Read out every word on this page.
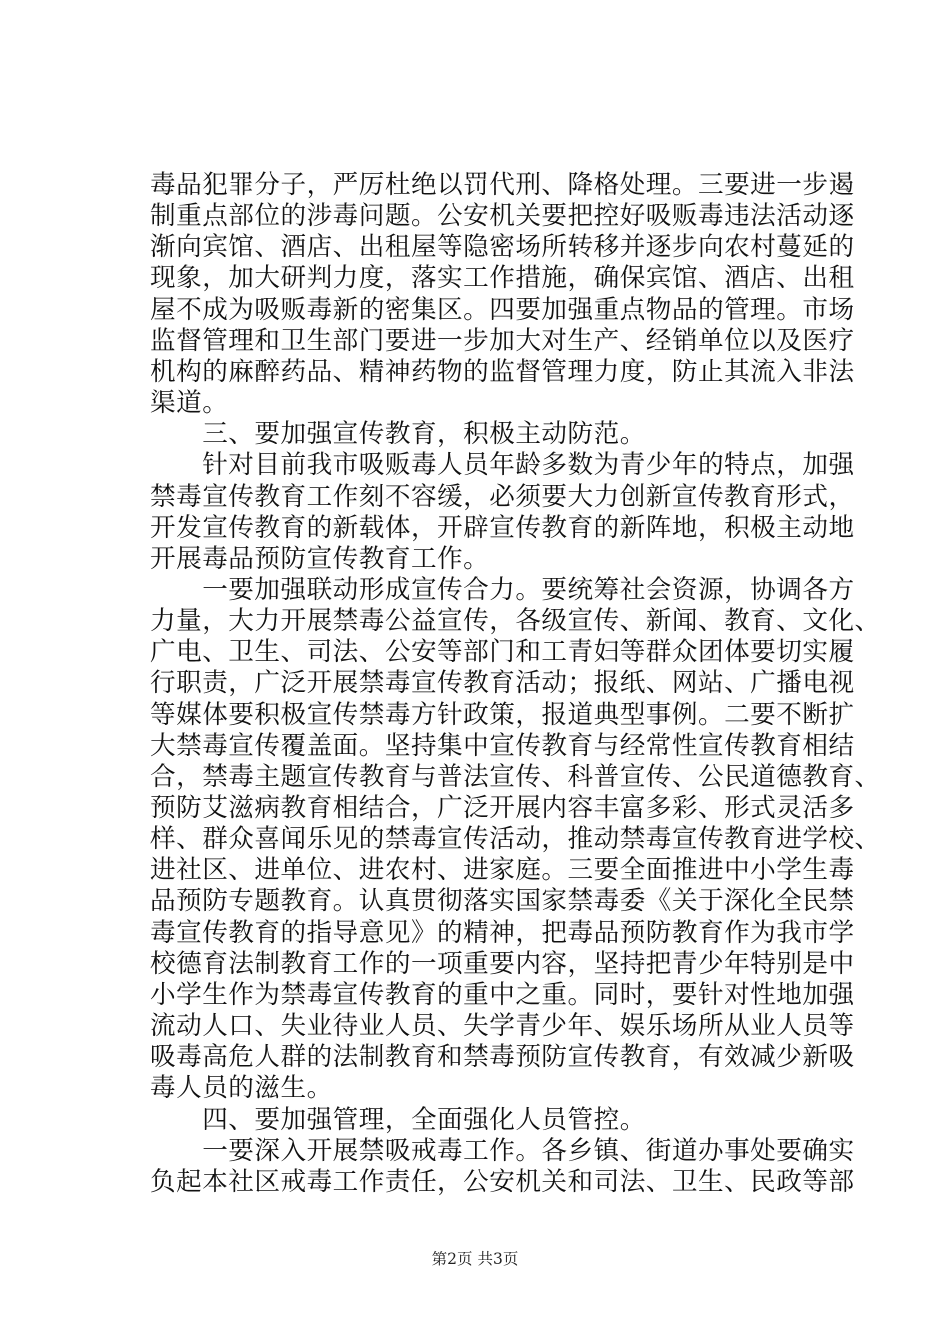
毒品犯罪分子，严厉杜绝以罚代刑、降格处理。三要进一步遏
制重点部位的涉毒问题。公安机关要把控好吸贩毒违法活动逐
渐向宾馆、酒店、出租屋等隐密场所转移并逐步向农村蔓延的
现象，加大研判力度，落实工作措施，确保宾馆、酒店、出租
屋不成为吸贩毒新的密集区。四要加强重点物品的管理。市场
监督管理和卫生部门要进一步加大对生产、经销单位以及医疗
机构的麻醉药品、精神药物的监督管理力度，防止其流入非法
渠道。
　　三、要加强宣传教育，积极主动防范。
　　针对目前我市吸贩毒人员年龄多数为青少年的特点，加强
禁毒宣传教育工作刻不容缓，必须要大力创新宣传教育形式，
开发宣传教育的新载体，开辟宣传教育的新阵地，积极主动地
开展毒品预防宣传教育工作。
　　一要加强联动形成宣传合力。要统筹社会资源，协调各方
力量，大力开展禁毒公益宣传，各级宣传、新闻、教育、文化、
广电、卫生、司法、公安等部门和工青妇等群众团体要切实履
行职责，广泛开展禁毒宣传教育活动；报纸、网站、广播电视
等媒体要积极宣传禁毒方针政策，报道典型事例。二要不断扩
大禁毒宣传覆盖面。坚持集中宣传教育与经常性宣传教育相结
合，禁毒主题宣传教育与普法宣传、科普宣传、公民道德教育、
预防艾滋病教育相结合，广泛开展内容丰富多彩、形式灵活多
样、群众喜闻乐见的禁毒宣传活动，推动禁毒宣传教育进学校、
进社区、进单位、进农村、进家庭。三要全面推进中小学生毒
品预防专题教育。认真贯彻落实国家禁毒委《关于深化全民禁
毒宣传教育的指导意见》的精神，把毒品预防教育作为我市学
校德育法制教育工作的一项重要内容，坚持把青少年特别是中
小学生作为禁毒宣传教育的重中之重。同时，要针对性地加强
流动人口、失业待业人员、失学青少年、娱乐场所从业人员等
吸毒高危人群的法制教育和禁毒预防宣传教育，有效减少新吸
毒人员的滋生。
　　四、要加强管理，全面强化人员管控。
　　一要深入开展禁吸戒毒工作。各乡镇、街道办事处要确实
负起本社区戒毒工作责任，公安机关和司法、卫生、民政等部
第2页 共3页
